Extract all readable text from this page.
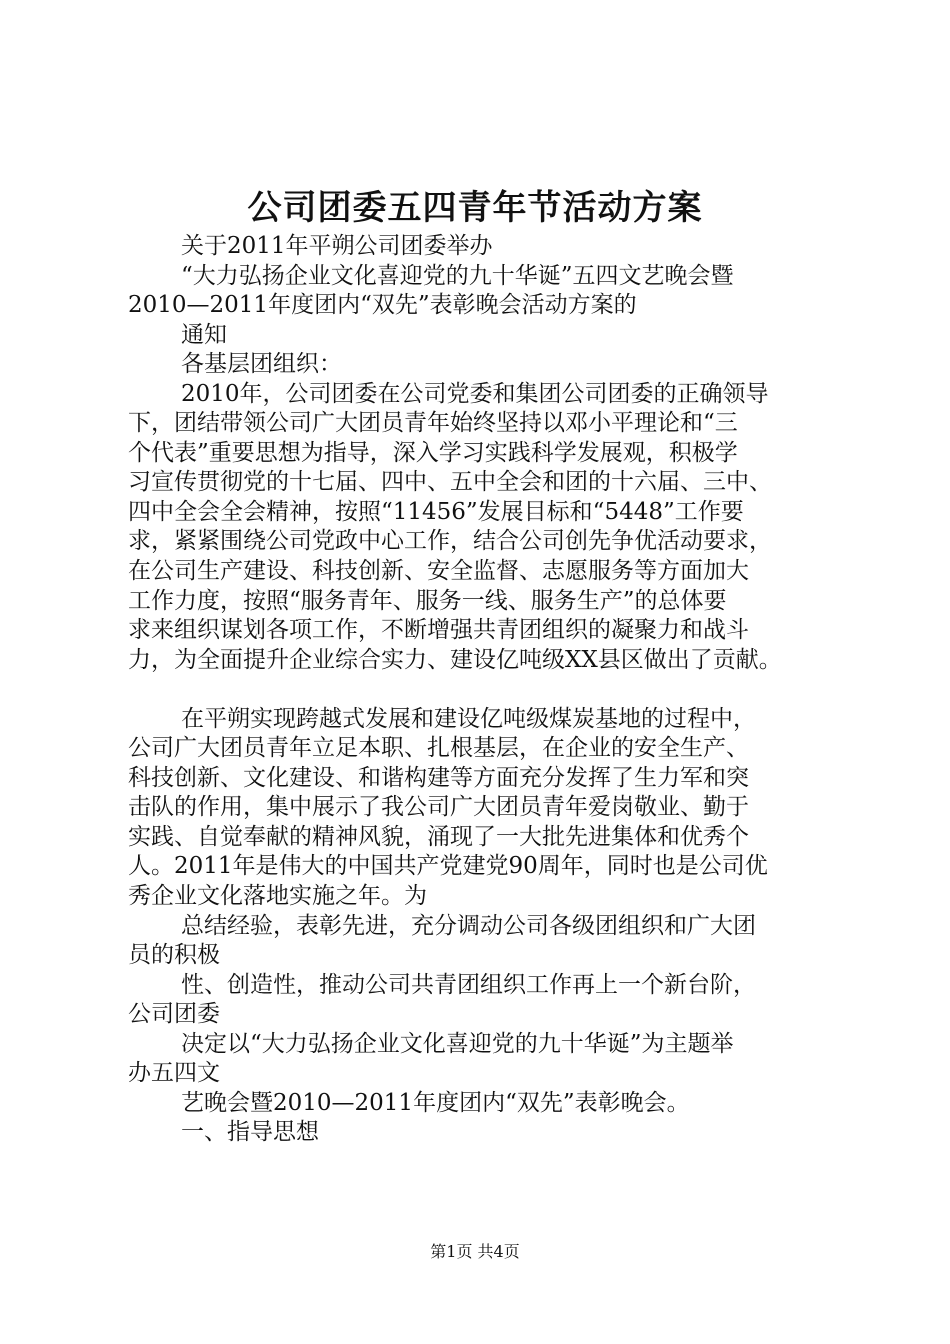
公司团委五四青年节活动方案
关于2011年平朔公司团委举办
“大力弘扬企业文化喜迎党的九十华诞”五四文艺晚会暨
2010—2011年度团内“双先”表彰晚会活动方案的
通知
各基层团组织：
2010年，公司团委在公司党委和集团公司团委的正确领导
下，团结带领公司广大团员青年始终坚持以邓小平理论和“三
个代表”重要思想为指导，深入学习实践科学发展观，积极学
习宣传贯彻党的十七届、四中、五中全会和团的十六届、三中、
四中全会全会精神，按照“11456”发展目标和“5448”工作要
求，紧紧围绕公司党政中心工作，结合公司创先争优活动要求，
在公司生产建设、科技创新、安全监督、志愿服务等方面加大
工作力度，按照“服务青年、服务一线、服务生产”的总体要
求来组织谋划各项工作，不断增强共青团组织的凝聚力和战斗
力，为全面提升企业综合实力、建设亿吨级XX县区做出了贡献。
在平朔实现跨越式发展和建设亿吨级煤炭基地的过程中，
公司广大团员青年立足本职、扎根基层，在企业的安全生产、
科技创新、文化建设、和谐构建等方面充分发挥了生力军和突
击队的作用，集中展示了我公司广大团员青年爱岗敬业、勤于
实践、自觉奉献的精神风貌，涌现了一大批先进集体和优秀个
人。2011年是伟大的中国共产党建党90周年，同时也是公司优
秀企业文化落地实施之年。为
总结经验，表彰先进，充分调动公司各级团组织和广大团
员的积极
性、创造性，推动公司共青团组织工作再上一个新台阶，
公司团委
决定以“大力弘扬企业文化喜迎党的九十华诞”为主题举
办五四文
艺晚会暨2010—2011年度团内“双先”表彰晚会。
一、指导思想
第1页 共4页
